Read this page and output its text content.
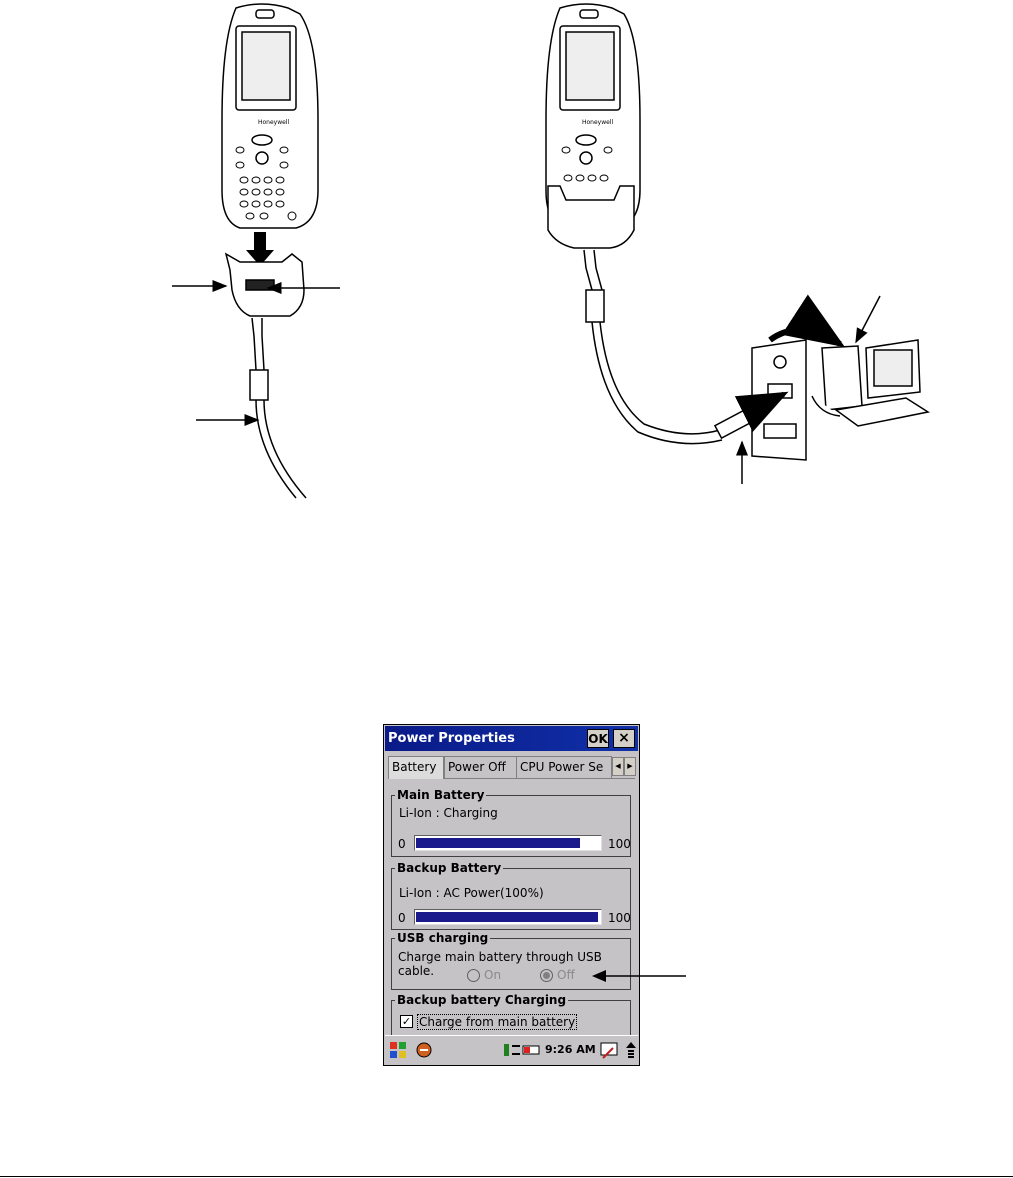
Honeywell	Honeywell
Power Properties	OK ×
Battery Power Off	CPU Power Se	◀ ▶
Main Battery
Li-Ion : Charging
0	100
Backup Battery
Li-Ion : AC Power(100%)
0	100
USB charging
Charge main battery through USB
cable.	On	Off
Backup battery Charging
✓ Charge from main battery
9:26 AM
